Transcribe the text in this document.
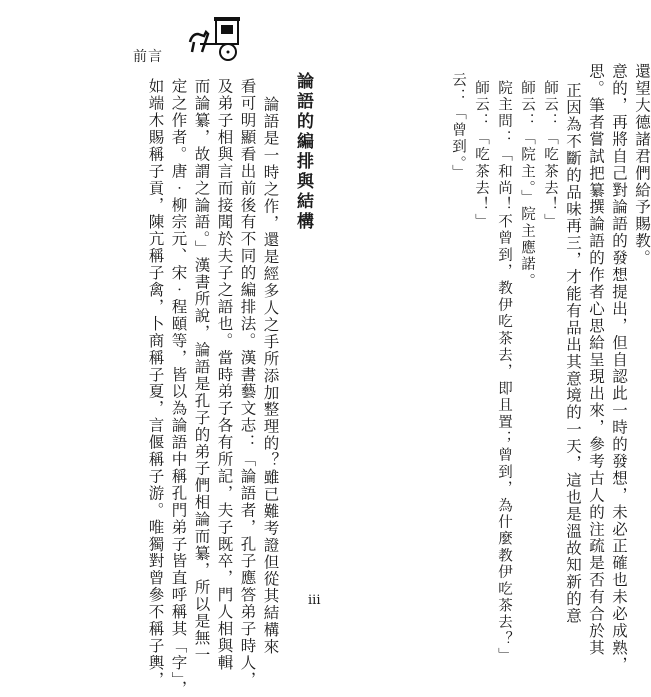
前言
云：「曾到。」 師云：「吃茶去！」 院主問：「和尚！不曾到，教伊吃茶去，即且置；曾到，為什麼教伊吃茶去？」 師云：「院主。」院主應諾。 師云：「吃茶去！」 正因為不斷的品味再三，才能有品出其意境的一天，這也是溫故知新的意 思。筆者嘗試把纂撰論語的作者心思給呈現出來，參考古人的注疏是否有合於其 意的，再將自己對論語的發想提出，但自認此一時的發想，未必正確也未必成熟， 還望大德諸君們給予賜教。
論語的編排與結構
論語是一時之作，還是經多人之手所添加整理的？雖已難考證但從其結構來
看可明顯看出前後有不同的編排法。漢書藝文志：「論語者，孔子應答弟子時人，
及弟子相與言而接聞於夫子之語也。當時弟子各有所記，夫子既卒，門人相與輯
而論纂，故謂之論語。」漢書所說，論語是孔子的弟子們相論而纂，所以是無一
定之作者。唐‧柳宗元、宋‧程頤等，皆以為論語中稱孔門弟子皆直呼稱其「字」，
如端木賜稱子貢，陳亢稱子禽，卜商稱子夏，言偃稱子游。唯獨對曾參不稱子輿，	iii
